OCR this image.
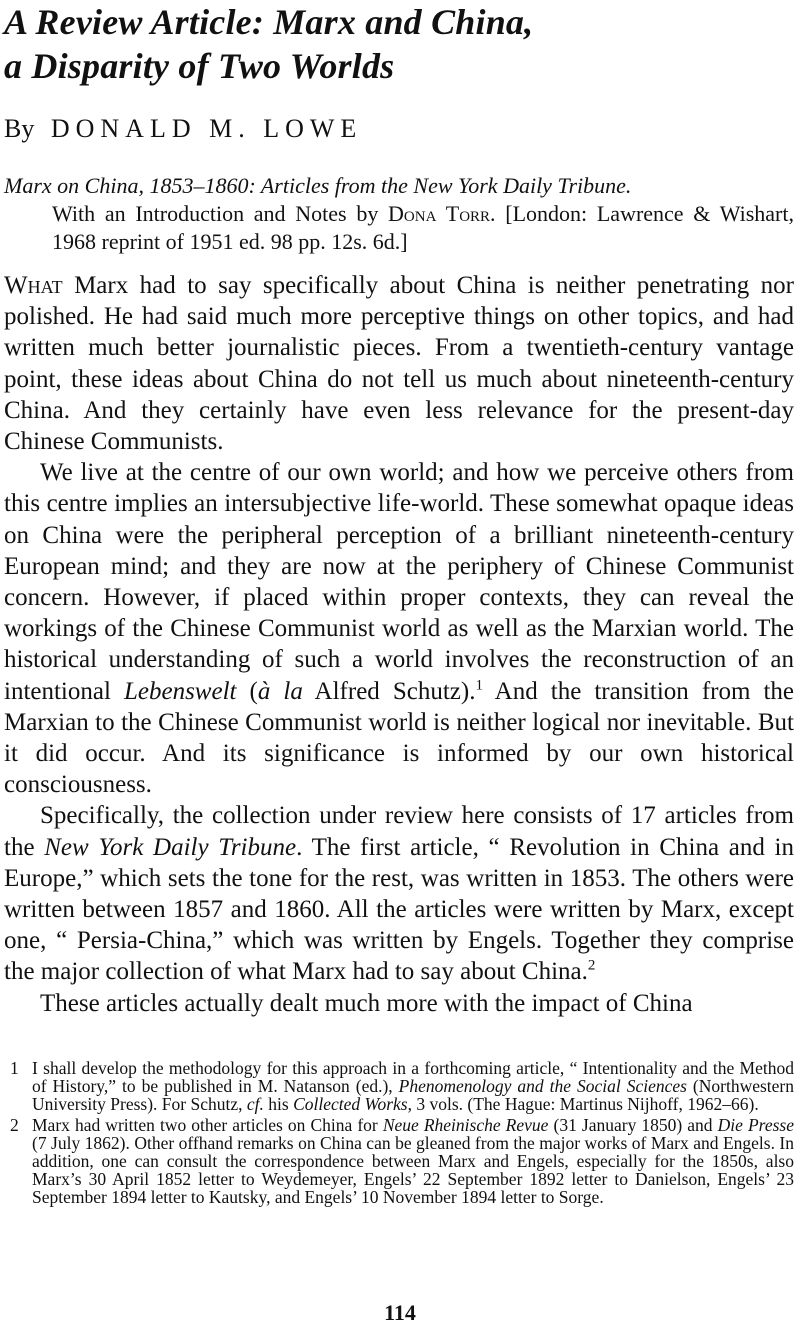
A Review Article: Marx and China,
a Disparity of Two Worlds

By DONALD M. LOWE

Marx on China, 1853–1860: Articles from the New York Daily Tribune.
With an Introduction and Notes by Dona Torr. [London: Lawrence & Wishart, 1968 reprint of 1951 ed. 98 pp. 12s. 6d.]

What Marx had to say specifically about China is neither penetrating nor polished. He had said much more perceptive things on other topics, and had written much better journalistic pieces. From a twentieth-century vantage point, these ideas about China do not tell us much about nineteenth-century China. And they certainly have even less relevance for the present-day Chinese Communists.

We live at the centre of our own world; and how we perceive others from this centre implies an intersubjective life-world. These somewhat opaque ideas on China were the peripheral perception of a brilliant nineteenth-century European mind; and they are now at the periphery of Chinese Communist concern. However, if placed within proper contexts, they can reveal the workings of the Chinese Communist world as well as the Marxian world. The historical understanding of such a world involves the reconstruction of an intentional Lebenswelt (à la Alfred Schutz).$^1$ And the transition from the Marxian to the Chinese Communist world is neither logical nor inevitable. But it did occur. And its significance is informed by our own historical consciousness.

Specifically, the collection under review here consists of 17 articles from the New York Daily Tribune. The first article, “ Revolution in China and in Europe,” which sets the tone for the rest, was written in 1853. The others were written between 1857 and 1860. All the articles were written by Marx, except one, “ Persia-China,” which was written by Engels. Together they comprise the major collection of what Marx had to say about China.$^2$

These articles actually dealt much more with the impact of China

1 I shall develop the methodology for this approach in a forthcoming article, “ Intentionality and the Method of History,” to be published in M. Natanson (ed.), Phenomenology and the Social Sciences (Northwestern University Press). For Schutz, cf. his Collected Works, 3 vols. (The Hague: Martinus Nijhoff, 1962–66).

2 Marx had written two other articles on China for Neue Rheinische Revue (31 January 1850) and Die Presse (7 July 1862). Other offhand remarks on China can be gleaned from the major works of Marx and Engels. In addition, one can consult the correspondence between Marx and Engels, especially for the 1850s, also Marx’s 30 April 1852 letter to Weydemeyer, Engels’ 22 September 1892 letter to Danielson, Engels’ 23 September 1894 letter to Kautsky, and Engels’ 10 November 1894 letter to Sorge.

114
